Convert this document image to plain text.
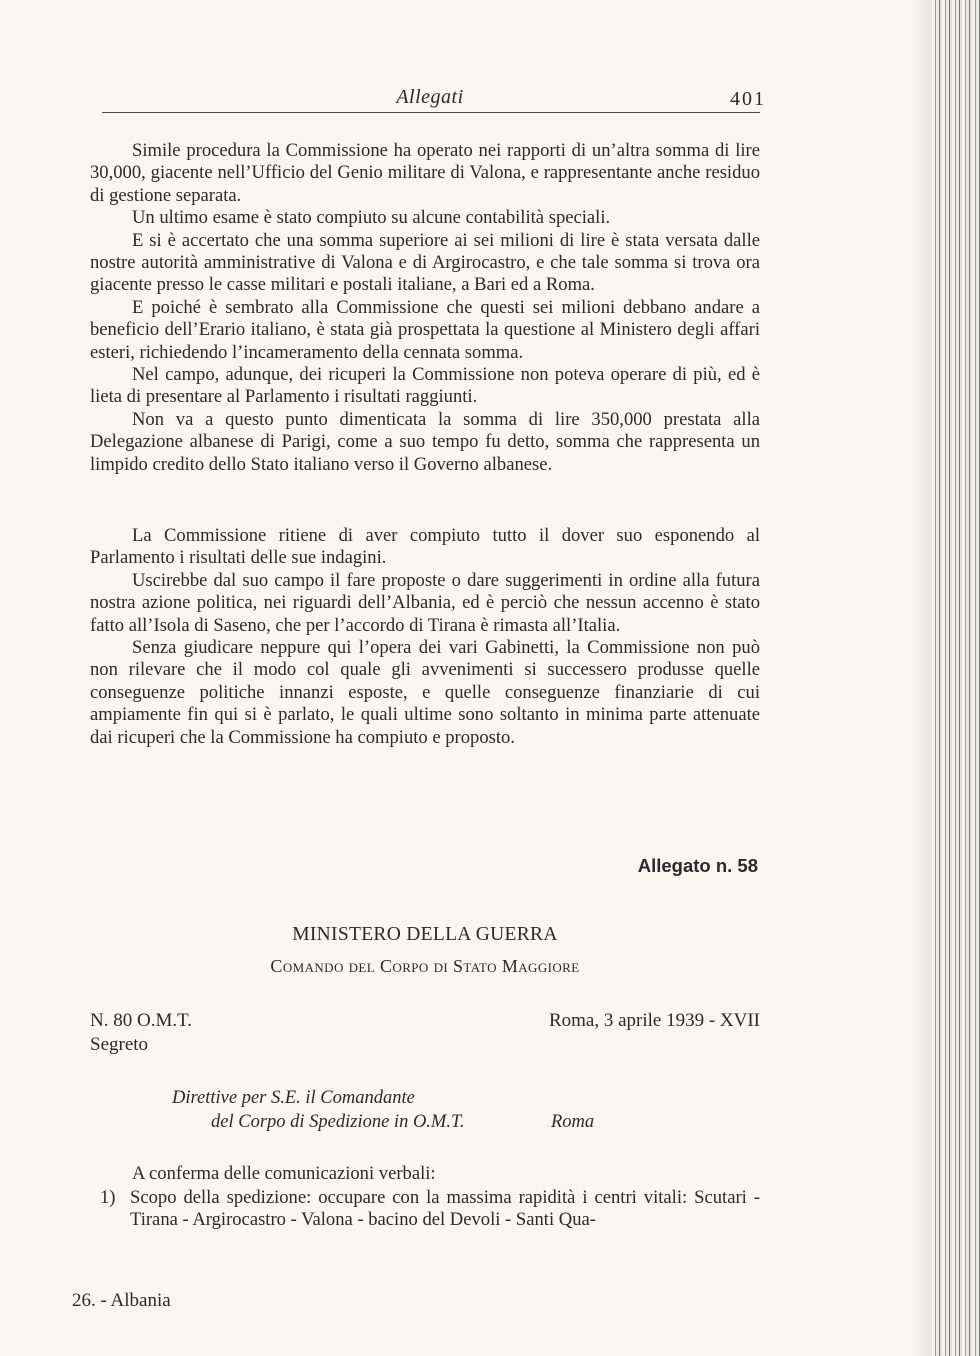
Allegati	401

Simile procedura la Commissione ha operato nei rapporti di un’altra somma di lire 30,000, giacente nell’Ufficio del Genio militare di Valona, e rappresentante anche residuo di gestione separata.

Un ultimo esame è stato compiuto su alcune contabilità speciali.

E si è accertato che una somma superiore ai sei milioni di lire è stata versata dalle nostre autorità amministrative di Valona e di Argirocastro, e che tale somma si trova ora giacente presso le casse militari e postali italiane, a Bari ed a Roma.

E poiché è sembrato alla Commissione che questi sei milioni debbano andare a beneficio dell’Erario italiano, è stata già prospettata la questione al Ministero degli affari esteri, richiedendo l’incameramento della cennata somma.

Nel campo, adunque, dei ricuperi la Commissione non poteva operare di più, ed è lieta di presentare al Parlamento i risultati raggiunti.

Non va a questo punto dimenticata la somma di lire 350,000 prestata alla Delegazione albanese di Parigi, come a suo tempo fu detto, somma che rappresenta un limpido credito dello Stato italiano verso il Governo albanese.

La Commissione ritiene di aver compiuto tutto il dover suo esponendo al Parlamento i risultati delle sue indagini.

Uscirebbe dal suo campo il fare proposte o dare suggerimenti in ordine alla futura nostra azione politica, nei riguardi dell’Albania, ed è perciò che nessun accenno è stato fatto all’Isola di Saseno, che per l’accordo di Tirana è rimasta all’Italia.

Senza giudicare neppure qui l’opera dei vari Gabinetti, la Commissione non può non rilevare che il modo col quale gli avvenimenti si successero produsse quelle conseguenze politiche innanzi esposte, e quelle conseguenze finanziarie di cui ampiamente fin qui si è parlato, le quali ultime sono soltanto in minima parte attenuate dai ricuperi che la Commissione ha compiuto e proposto.

Allegato n. 58
MINISTERO DELLA GUERRA
Comando del Corpo di Stato Maggiore
N. 80 O.M.T.
Segreto
Roma, 3 aprile 1939 - XVII
Direttive per S.E. il Comandante
del Corpo di Spedizione in O.M.T.	Roma
A conferma delle comunicazioni verbali:
1) Scopo della spedizione: occupare con la massima rapidità i centri vitali: Scutari - Tirana - Argirocastro - Valona - bacino del Devoli - Santi Qua-
26. - Albania
